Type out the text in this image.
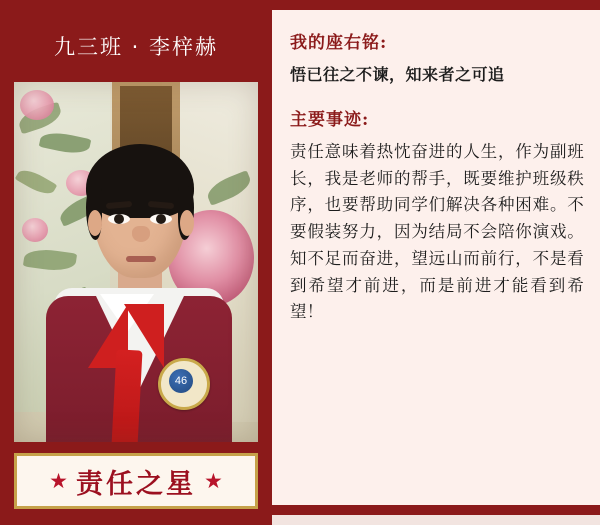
九三班 · 李梓赫
46
★ 责任之星 ★
我的座右铭:

悟已往之不谏，知来者之可追

主要事迹:

责任意味着热忱奋进的人生，作为副班长，我是老师的帮手，既要维护班级秩序，也要帮助同学们解决各种困难。不要假装努力，因为结局不会陪你演戏。知不足而奋进，望远山而前行，不是看到希望才前进，而是前进才能看到希望！
